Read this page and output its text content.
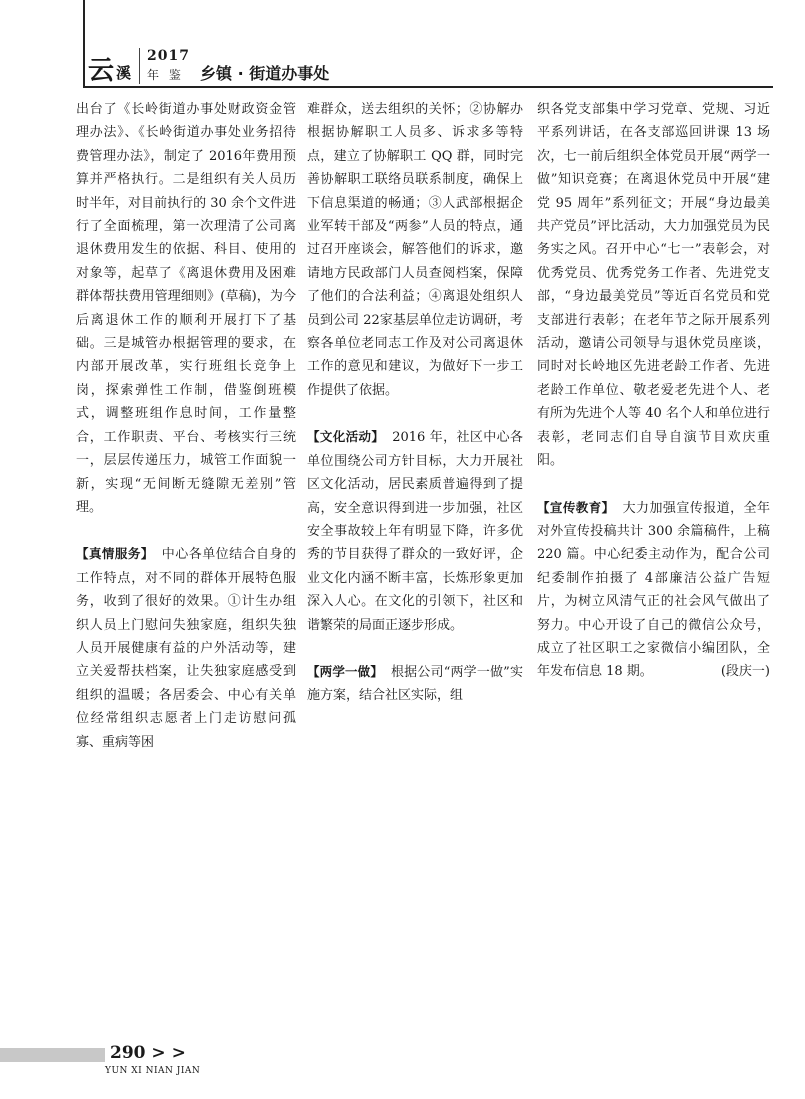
云 溪
2017
年 鉴 乡镇 · 街道办事处

出台了《长岭街道办事处财政资金管理办法》、《长岭街道办事处业务招待费管理办法》，制定了 2016年费用预算并严格执行。二是组织有关人员历时半年，对目前执行的 30 余个文件进行了全面梳理，第一次理清了公司离退休费用发生的依据、科目、使用的对象等，起草了《离退休费用及困难群体帮扶费用管理细则》(草稿)，为今后离退休工作的顺利开展打下了基础。三是城管办根据管理的要求，在内部开展改革，实行班组长竞争上岗，探索弹性工作制，借鉴倒班模式，调整班组作息时间，工作量整合，工作职责、平台、考核实行三统一，层层传递压力，城管工作面貌一新，实现“无间断无缝隙无差别”管理。

【真情服务】 中心各单位结合自身的工作特点，对不同的群体开展特色服务，收到了很好的效果。①计生办组织人员上门慰问失独家庭，组织失独人员开展健康有益的户外活动等，建立关爱帮扶档案，让失独家庭感受到组织的温暖；各居委会、中心有关单位经常组织志愿者上门走访慰问孤寡、重病等困

难群众，送去组织的关怀；②协解办根据协解职工人员多、诉求多等特点，建立了协解职工 QQ 群，同时完善协解职工联络员联系制度，确保上下信息渠道的畅通；③人武部根据企业军转干部及“两参”人员的特点，通过召开座谈会，解答他们的诉求，邀请地方民政部门人员查阅档案，保障了他们的合法利益；④离退处组织人员到公司 22家基层单位走访调研，考察各单位老同志工作及对公司离退休工作的意见和建议，为做好下一步工作提供了依据。

【文化活动】 2016 年，社区中心各单位围绕公司方针目标，大力开展社区文化活动，居民素质普遍得到了提高，安全意识得到进一步加强，社区安全事故较上年有明显下降，许多优秀的节目获得了群众的一致好评，企业文化内涵不断丰富，长炼形象更加深入人心。在文化的引领下，社区和谐繁荣的局面正逐步形成。

【两学一做】 根据公司“两学一做”实施方案，结合社区实际，组

织各党支部集中学习党章、党规、习近平系列讲话，在各支部巡回讲课 13 场次，七一前后组织全体党员开展“两学一做”知识竞赛；在离退休党员中开展“建党 95 周年”系列征文；开展“身边最美共产党员”评比活动，大力加强党员为民务实之风。召开中心“七一”表彰会，对优秀党员、优秀党务工作者、先进党支部，“身边最美党员”等近百名党员和党支部进行表彰；在老年节之际开展系列活动，邀请公司领导与退休党员座谈，同时对长岭地区先进老龄工作者、先进老龄工作单位、敬老爱老先进个人、老有所为先进个人等 40 名个人和单位进行表彰，老同志们自导自演节目欢庆重阳。

【宣传教育】 大力加强宣传报道，全年对外宣传投稿共计 300 余篇稿件，上稿 220 篇。中心纪委主动作为，配合公司纪委制作拍摄了 4部廉洁公益广告短片，为树立风清气正的社会风气做出了努力。中心开设了自己的微信公众号，成立了社区职工之家微信小编团队，全年发布信息 18 期。	(段庆一)

290 > >
YUN XI NIAN JIAN
